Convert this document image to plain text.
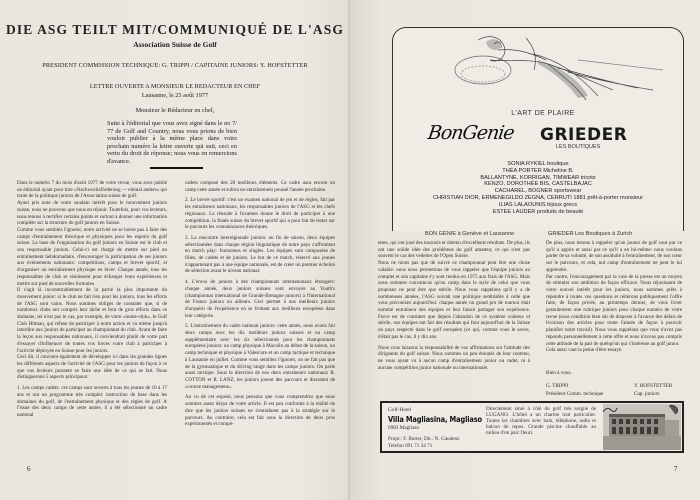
DIE ASG TEILT MIT/COMMUNIQUÉ DE L'ASG
Association Suisse de Golf
PRESIDENT COMMISSION TECHNIQUE: G. TRIPPI / CAPITAINE JUNIORS: Y. HOFSTETTER
LETTRE OUVERTE A MONSIEUR LE REDACTEUR EN CHEF
Lausanne, le 25 août 1977
Monsieur le Rédacteur en chef,
Suite à l'éditorial que vous avez signé dans le no 7/ 77 de Golf and Country, nous vous prions de bien vouloir publier à la même place dans votre prochain numéro la lettre ouverte qui suit, ceci en vertu du droit de réponse; nous vous en remercions d'avance.

Dans le numéro 7 du mois d'août 1977 de votre revue, vous avez publié un éditorial ayant pour titre «Nachwuchsförderung — einmal anders» qui traite de la politique juniors de l'Association suisse de golf.

Ayant pris note de votre soudain intérêt pour le mouvement juniors suisse, nous ne pouvons que nous en réjouir. Toutefois, pour vos lecteurs, nous tenons à rectifier certains points et surtout à donner une information complète sur la structure du golf juniors en Suisse.

Comme vous semblez l'ignorer, notre activité ne se borne pas à faire des camps d'entraînement théorique et physiques pour les espoirs du golf suisse. La base de l'organisation du golf juniors en Suisse est le club et son responsable juniors. Celui-ci est chargé de mettre sur pied un entraînement hebdomadaire, d'encourager la participation de ses juniors aux événements nationaux: compétitions, camps et brevet sportif, et d'organiser un entraînement physique en hiver. Chaque année, tous les responsables de club se réunissent pour échanger leurs expériences et mettre sur pied de nouvelles formules.

Il s'agit là incontestablement de la partie la plus importante du mouvement junior: si le club ne fait rien pour les juniors, tous les efforts de l'ASG sont vains. Nous sommes obligés de constater que, si de nombreux clubs ont compris leur tâche et font de gros efforts dans ce domaine, tel n'est pas le cas, par exemple, de votre «home-club», le Golf Club Hittnau, qui refuse de participer à notre action et va même jusqu'à interdire aux juniors de participer au championnat du club. Avant de faire la leçon aux responsables nationaux, il conviendrait plutôt de votre part d'essayer d'influencer de toutes vos forces votre club à participer à l'activité déployée en Suisse pour les juniors.

Ceci dit, il convient également de développer ici dans les grandes lignes les différents aspects de l'activité de l'ASG pour les juniors de façon à ce que vos lecteurs puissent se faire une idée de ce qui se fait. Nous distinguerons 5 aspects principaux:

1. Les camps cadets: ces camps sont ouverts à tous les jeunes de 10 à 17 ans et ont un programme très complet: instruction de base dans les domaines du golf, de l'entraînement physique et des règles de golf. A l'issue des deux camps de cette année, il a été sélectionné un cadre national

cadets composé des 20 meilleurs éléments. Ce cadre aura encore un camp cette année et subira un entraînement poussé l'année prochaine.

2. Le brevet sportif: c'est un examen national de jeu et de règles, fait par les entraîneurs nationaux, les responsables juniors de l'ASG et les chefs régionaux. La réussite à l'examen donne le droit de participer à une compétition, la finale suisse du brevet sportif qui a pour but de tester sur le parcours les connaissances théoriques.

3. La rencontre interrégionale juniors: en fin de saison, deux équipes sélectionnées dans chaque région linguistique de notre pays s'affrontent en match play: foursomes et singles. Les équipes sont composées de filles, de cadets et de juniors. Le but de ce match, réservé aux jeunes n'appartenant pas à une équipe nationale, est de créer un premier échelon de sélection avant le niveau national.

4. L'envoi de juniors à des championnats internationaux étrangers: chaque année, deux juniors suisses sont envoyés au Youth's (championnat international de Grande-Bretagne juniors) à l'International de France juniors ou ailleurs. Ceci permet à nos meilleurs juniors d'acquérir de l'expérience en se frottant aux meilleurs européens dans leur catégorie.

5. L'entraînement du cadre national juniors: cette année, nous avons fait deux camps avec les dix meilleurs juniors suisses et un camp supplémentaire avec les six sélectionnés pour les championnats européens juniors: un camp physique à Macolin au début de la saison, un camp technique et physique à Valescure et un camp tactique et technique à Lausanne en juillet. Comme vous semblez l'ignorer, on ne fait pas que de la gymnastique et du driving range dans les camps juniors. On parle aussi tactique. Sous la direction de nos deux entraîneurs nationaux R. COTTON et R. LANZ, les juniors jouent des parcours et discutent de «course management».

Au vu de cet exposé, nous pensons que vous comprendrez que nous sommes assez déçus de votre article. Il est peu conforme à la réalité de dire que les juniors suisses ne s'entraînent pas à la stratégie sur le parcours. Au contraire, cela est fait sous la direction de deux pros expérimentés et compé-

6
L'ART DE PLAIRE
BonGenie GRIEDER
LES BOUTIQUES
SONIA RYKIEL boutique
THÉA PORTER Micheline B.
BALLANTYNE, KORRIGAN, TIMWEAR tricots
KENZO, DOROTHÉE BIS, CASTELBAJAC
CACHAREL, BOGNER sportswear
CHRISTIAN DIOR, ERMENEGILDO ZEGNA, CERRUTI 1881 prêt-à-porter monsieur
ILIAS LALAOUNIS bijoux grecs
ESTEE LAUDER produits de beauté
BON GÉNIE à Genève et Lausanne	GRIEDER Les Boutiques à Zurich

tents, qui ont joué des tournois et obtenu d'excellents résultats. De plus, ils ont une solide idée des problèmes du golf amateur, ce qui n'est pas souvent le cas des vedettes de l'Open Suisse.

Nous ne nions pas que de suivre ce championnat peut être une chose valable: nous nous permettons de vous rappeler que l'équipe juniors au complet et son capitaine s'y sont rendus en 1975 aux frais de l'ASG. Mais nous sommes convaincus qu'un camp dans le style de celui que vous proposez ne peut être que stérile. Nous vous rappelons qu'il y a de nombreuses années, l'ASG suivait une politique semblable à celle que vous préconisez aujourd'hui: chaque année un grand pro de tournoi était nommé entraîneur des équipes et leur faisait partager son expérience. Force est de constater que depuis l'abandon de ce système coûteux et stérile, nos équipes ont fait des résultats qui font aujourd'hui de la Suisse un pays respecté dans le golf européen (ce qui, comme vous le savez, n'était pas le cas, il y dix ans.

Nous vous laissons la responsabilité de vos affirmations sur l'attitude des dirigeants du golf suisse. Nous sommes un peu étonnés de leur contenu, ne vous ayant vu à aucun camp d'entraînement junior ou cadet, ni à aucune compétition junior nationale ou internationale.

De plus, nous tenons à rappeler qu'un joueur de golf vaut par ce qu'il a appris et aussi par ce qu'il a en lui-même: nous voulons parler de sa volonté, de son assiduité à l'entraînement, de son cœur sur le parcours, et cela, nul camp d'entraînement ne peut le lui apprendre.

Par contre, l'encouragement par la voie de la presse est un moyen de stimuler son ambition de façon efficace. Nous réjouissant de votre nouvel intérêt pour les juniors, nous sommes prêts à répondre à toutes vos questions et réitérons publiquement l'offre faite, de façon privée, au printemps dernier, de vous livrer gratuitement une rubrique juniors pour chaque numéro de votre revue (sous condition bien sûr de disposer à l'avance des délais de livraison des articles pour toute l'année de façon à pouvoir planifier notre travail). Nous vous rappelons que vous n'avez pas répondu personnellement à cette offre et nous n'avons pas compris cette attitude de la part de quelqu'un qui s'intéresse au golf junior.

Cela aussi vaut la peine d'être essayé.

Bien à vous.
G. TRIPPI
Président Comm. technique
Y. HOFSTETTER
Cap. juniors
Golf-Hotel
Villa Magliasina, Magliaso
6983 Magliaso
Propr.: F. Borter, Dir.: N. Gaudenz
Telefon 091 71 34 71
Directement situé à côté du golf très soigné de LUGANO. L'hôtel a un charme tout particulier. Toutes les chambres avec bain, téléphone, radio et balcon de repos. Grande piscine chauffable au milieu d'un parc fleuri.
7
